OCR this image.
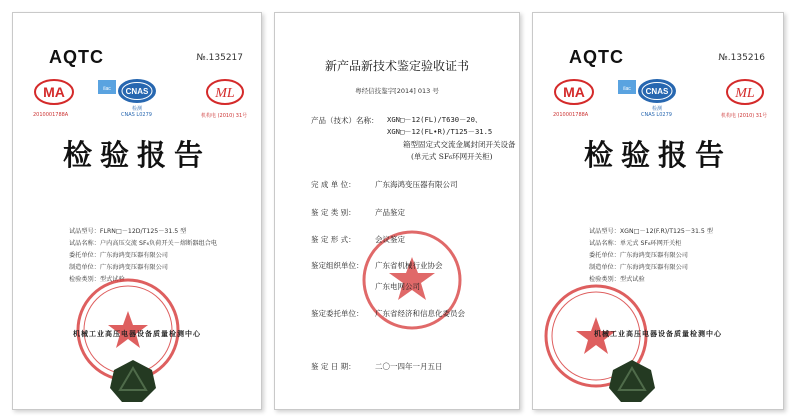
AQTC	№.135217
MA
2010001788A
ilac CNAS
检测
CNAS L0279
ML
机构电 (2010) 31号
检验报告
试品型号：FLRN□－12D/T125－31.5 型
试品名称：户内高压交流 SF₆负荷开关－熔断器组合电
委托单位：广东海鸿变压器有限公司
制造单位：广东海鸿变压器有限公司
检验类别：型式试验
机械工业高压电器设备质量检测中心
新产品新技术鉴定验收证书
粤经信技鉴字[2014] 013 号
产品（技术）名称： XGN□－12(FL)/T630－20、
XGN□－12(FL•R)/T125－31.5
箱型固定式交流金属封闭开关设备
(单元式 SF₆环网开关柜)
完 成 单 位：	广东海鸿变压器有限公司
鉴 定 类 别：	产品鉴定
鉴 定 形 式：	会议鉴定
鉴定组织单位： 广东省机械行业协会
广东电网公司
鉴定委托单位： 广东省经济和信息化委员会
鉴 定 日 期：	二〇一四年一月五日
AQTC	№.135216
MA
2010001788A
ilac CNAS
检测
CNAS L0279
ML
机构电 (2010) 31号
检验报告
试品型号：XGN□－12(F.R)/T125－31.5 型
试品名称：单元式 SF₆环网开关柜
委托单位：广东海鸿变压器有限公司
制造单位：广东海鸿变压器有限公司
检验类别：型式试验
机械工业高压电器设备质量检测中心
